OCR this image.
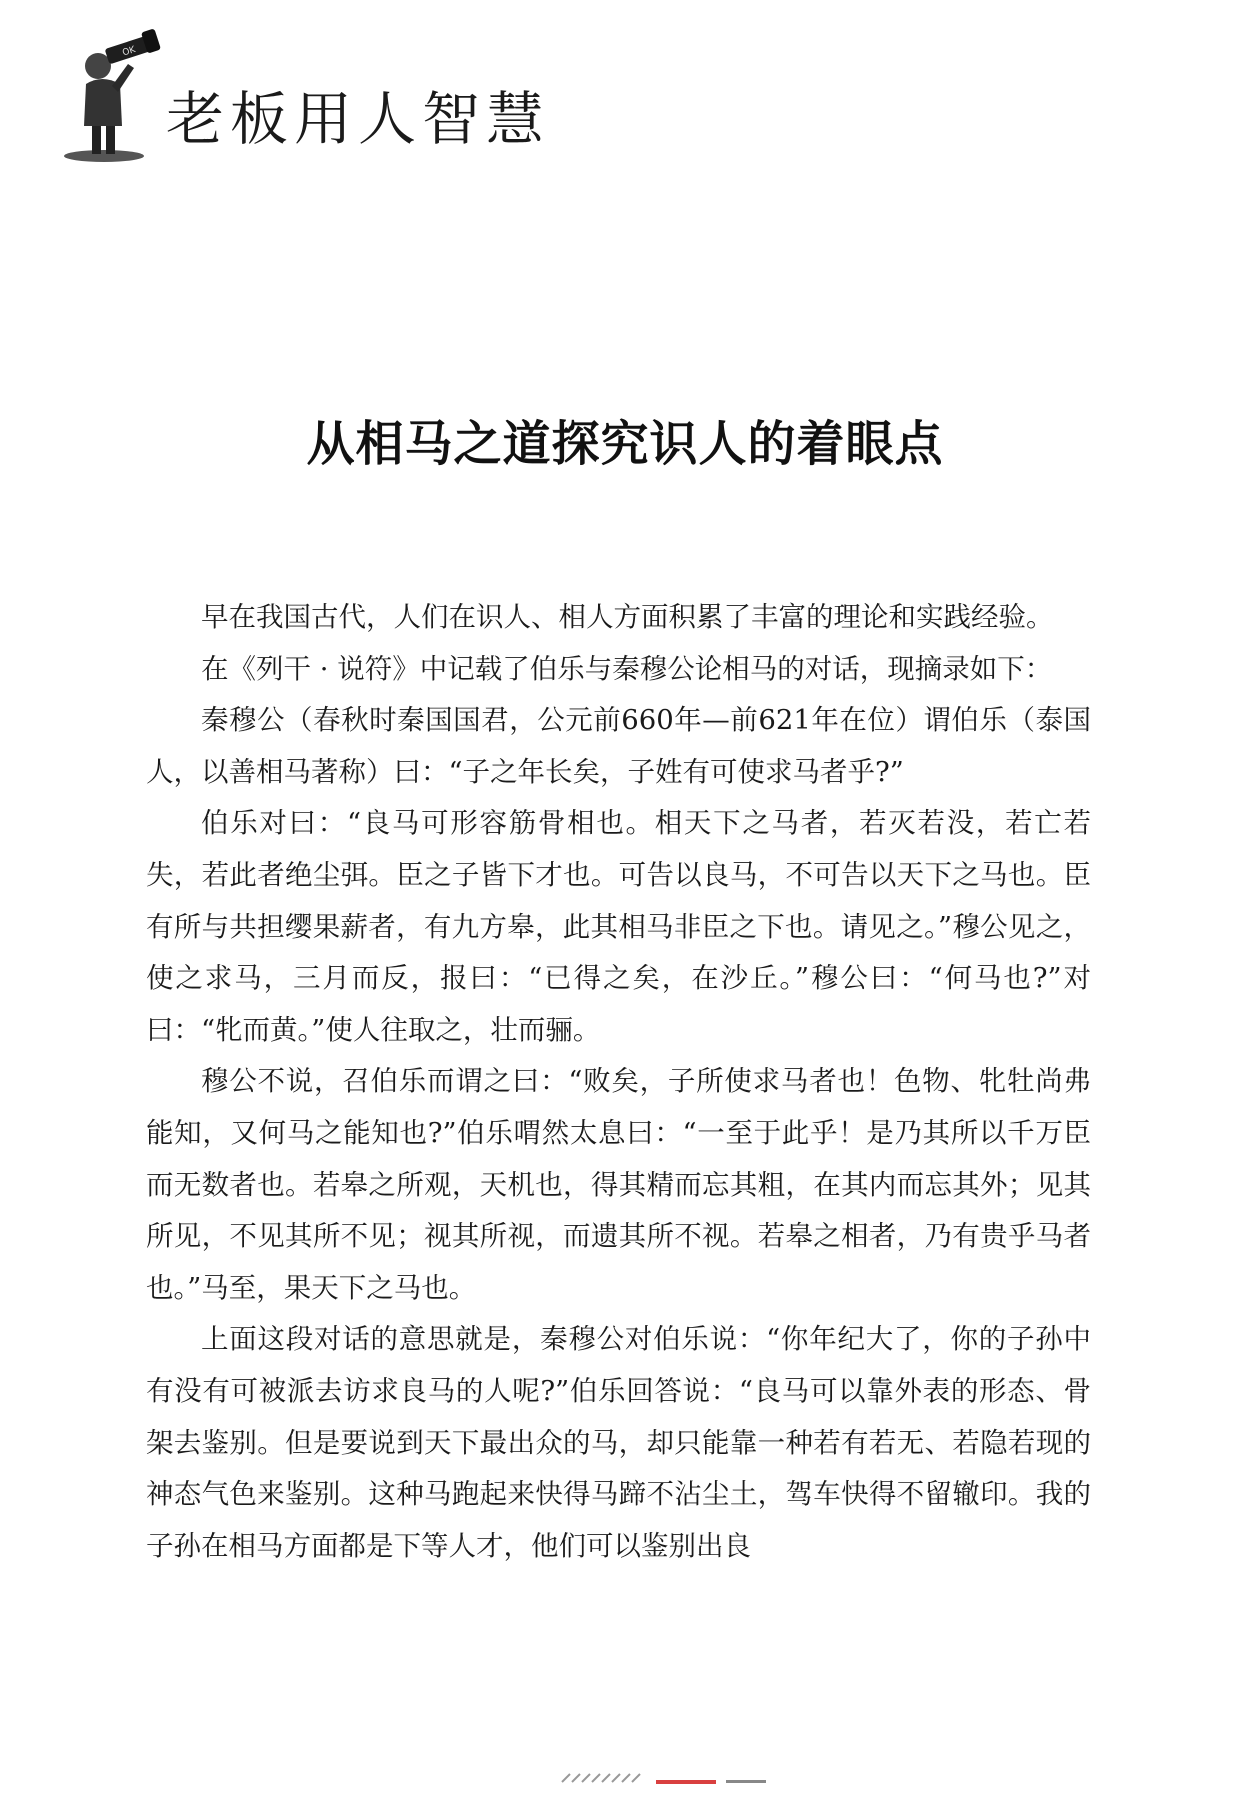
OK
老板用人智慧
从相马之道探究识人的着眼点

早在我国古代，人们在识人、相人方面积累了丰富的理论和实践经验。

在《列干 · 说符》中记载了伯乐与秦穆公论相马的对话，现摘录如下：

秦穆公（春秋时秦国国君，公元前660年—前621年在位）谓伯乐（泰国人，以善相马著称）曰：“子之年长矣，子姓有可使求马者乎?”

伯乐对曰：“良马可形容筋骨相也。相天下之马者，若灭若没，若亡若失，若此者绝尘弭。臣之子皆下才也。可告以良马，不可告以天下之马也。臣有所与共担缨果薪者，有九方皋，此其相马非臣之下也。请见之。”穆公见之，使之求马，三月而反，报曰：“已得之矣，在沙丘。”穆公曰：“何马也?”对曰：“牝而黄。”使人往取之，壮而骊。

穆公不说，召伯乐而谓之曰：“败矣，子所使求马者也！色物、牝牡尚弗能知，又何马之能知也?”伯乐喟然太息曰：“一至于此乎！是乃其所以千万臣而无数者也。若皋之所观，天机也，得其精而忘其粗，在其内而忘其外；见其所见，不见其所不见；视其所视，而遗其所不视。若皋之相者，乃有贵乎马者也。”马至，果天下之马也。

上面这段对话的意思就是，秦穆公对伯乐说：“你年纪大了，你的子孙中有没有可被派去访求良马的人呢?”伯乐回答说：“良马可以靠外表的形态、骨架去鉴别。但是要说到天下最出众的马，却只能靠一种若有若无、若隐若现的神态气色来鉴别。这种马跑起来快得马蹄不沾尘土，驾车快得不留辙印。我的子孙在相马方面都是下等人才，他们可以鉴别出良
